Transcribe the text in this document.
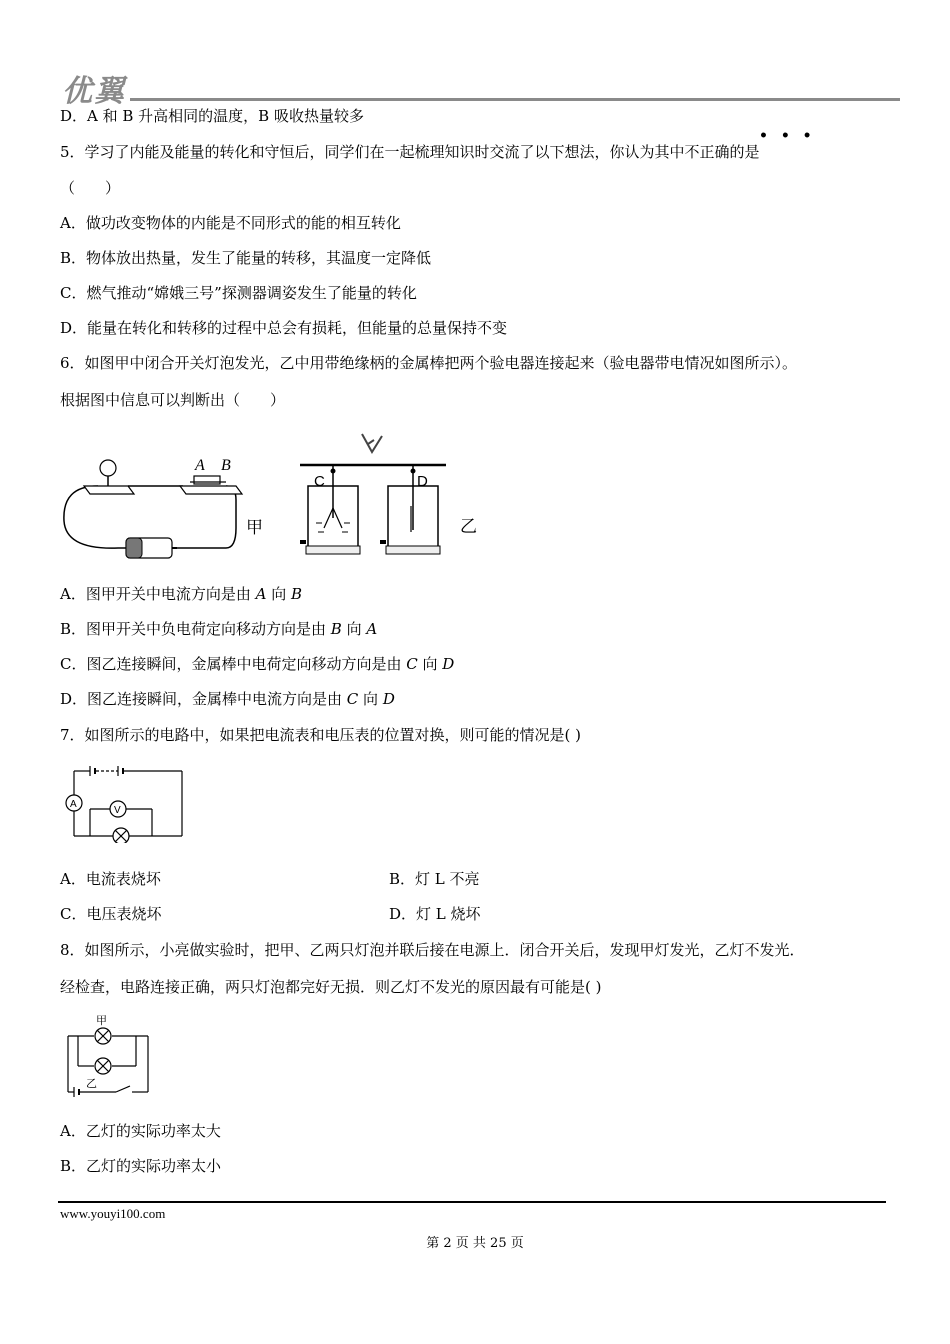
优翼
D．A 和 B 升高相同的温度，B 吸收热量较多
• • •
5．学习了内能及能量的转化和守恒后，同学们在一起梳理知识时交流了以下想法，你认为其中不正确的是
（　　）
A．做功改变物体的内能是不同形式的能的相互转化
B．物体放出热量，发生了能量的转移，其温度一定降低
C．燃气推动“嫦娥三号”探测器调姿发生了能量的转化
D．能量在转化和转移的过程中总会有损耗，但能量的总量保持不变
6．如图甲中闭合开关灯泡发光，乙中用带绝缘柄的金属棒把两个验电器连接起来（验电器带电情况如图所示）。
根据图中信息可以判断出（　　）
A B
甲
C	D
乙
A．图甲开关中电流方向是由 A 向 B
B．图甲开关中负电荷定向移动方向是由 B 向 A
C．图乙连接瞬间，金属棒中电荷定向移动方向是由 C 向 D
D．图乙连接瞬间，金属棒中电流方向是由 C 向 D
7．如图所示的电路中，如果把电流表和电压表的位置对换，则可能的情况是( )
A
V
A．电流表烧坏	B．灯 L 不亮
C．电压表烧坏	D．灯 L 烧坏
8．如图所示，小亮做实验时，把甲、乙两只灯泡并联后接在电源上．闭合开关后，发现甲灯发光，乙灯不发光．
经检查，电路连接正确，两只灯泡都完好无损．则乙灯不发光的原因最有可能是( )
甲
乙
A．乙灯的实际功率太大
B．乙灯的实际功率太小
www.youyi100.com
第 2 页 共 25 页
